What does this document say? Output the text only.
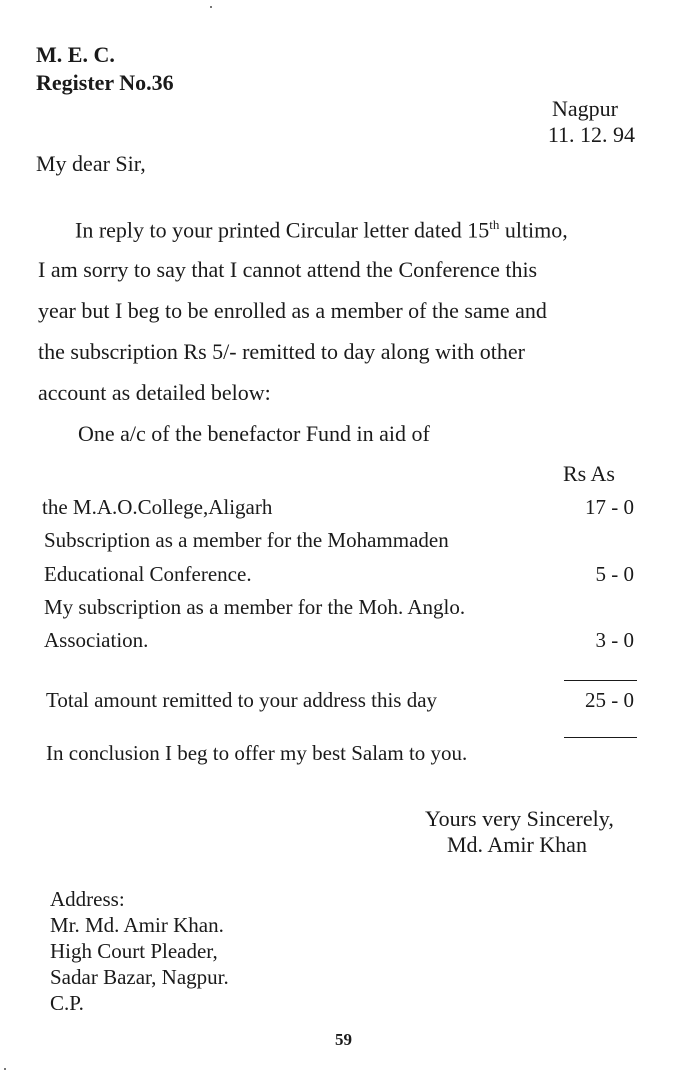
M. E. C.
Register No.36
Nagpur
11. 12. 94
My dear Sir,
In reply to your printed Circular letter dated 15th ultimo,
I am sorry to say that I cannot attend the Conference this
year but I beg to be enrolled as a member of the same and
the subscription Rs 5/- remitted to day along with other
account as detailed below:
One a/c of the benefactor Fund in aid of
Rs As
the M.A.O.College,Aligarh	17 - 0
Subscription as a member for the Mohammaden
Educational Conference.	5 - 0
My subscription as a member for the Moh. Anglo.
Association.	3 - 0
Total amount remitted to your address this day	25 - 0
In conclusion I beg to offer my best Salam to you.
Yours very Sincerely,
Md. Amir Khan
Address:
Mr. Md. Amir Khan.
High Court Pleader,
Sadar Bazar, Nagpur.
C.P.
59
